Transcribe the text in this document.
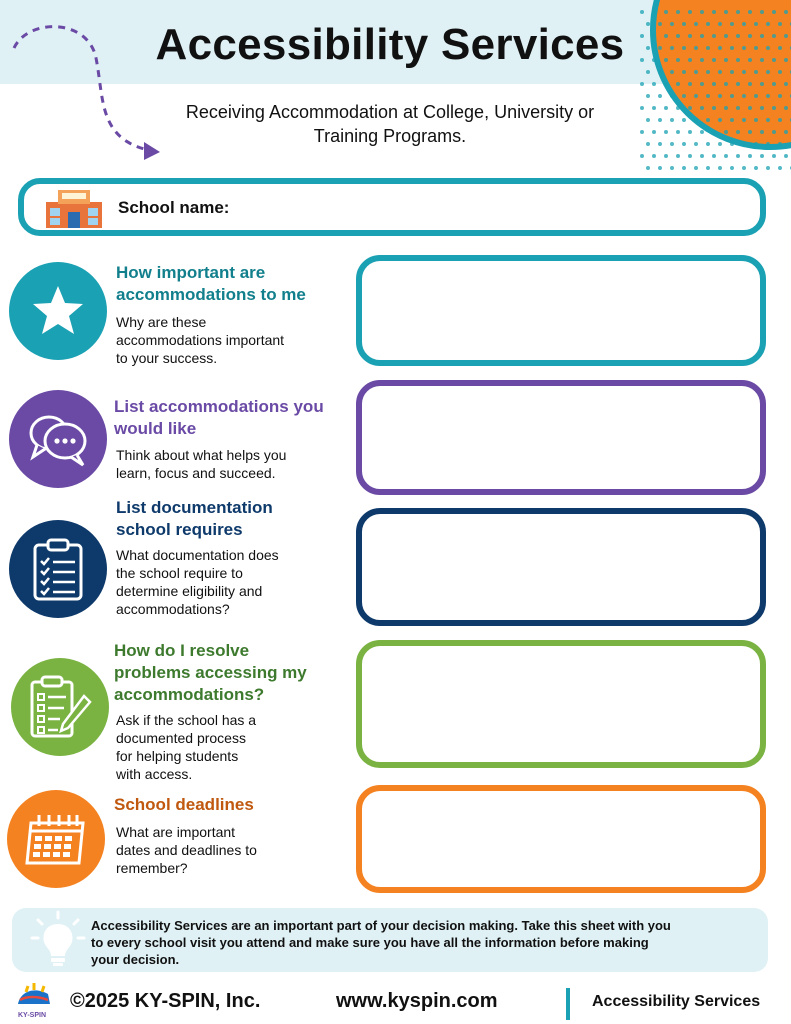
Accessibility Services
Receiving Accommodation at College, University or
Training Programs.
School name:
How important are
accommodations to me
Why are these
accommodations important
to your success.
List accommodations you
would like
Think about what helps you
learn, focus and succeed.
List documentation
school requires
What documentation does
the school require to
determine eligibility and
accommodations?
How do I resolve
problems accessing my
accommodations?
Ask if the school has a
documented process
for helping students
with access.
School deadlines
What are important
dates and deadlines to
remember?
Accessibility Services are an important part of your decision making. Take this sheet with you
to every school visit you attend and make sure you have all the information before making
your decision.
KY-SPIN
©2025 KY-SPIN, Inc.	www.kyspin.com	Accessibility Services
